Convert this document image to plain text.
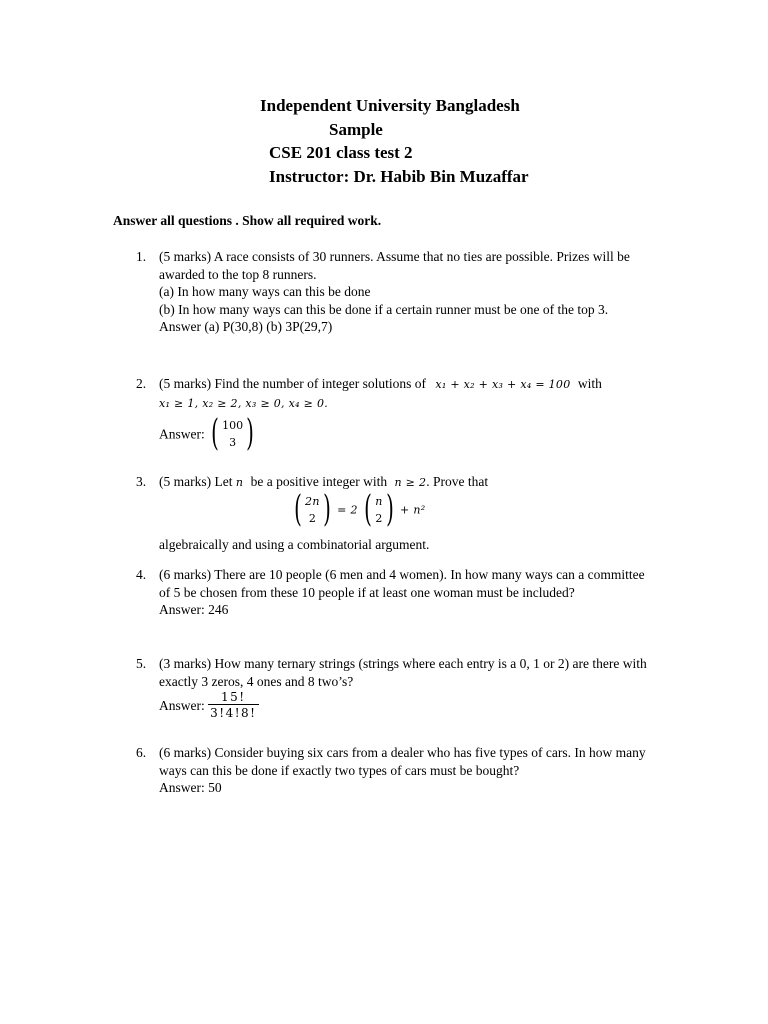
Independent University Bangladesh
Sample
CSE 201 class test 2
Instructor: Dr. Habib Bin Muzaffar
Answer all questions . Show all required work.
1. (5 marks) A race consists of 30 runners. Assume that no ties are possible. Prizes will be awarded to the top 8 runners.

(a) In how many ways can this be done

(b) In how many ways can this be done if a certain runner must be one of the top 3.

Answer (a) P(30,8) (b) 3P(29,7)

2. (5 marks) Find the number of integer solutions of x₁ + x₂ + x₃ + x₄ = 100 with

x₁ ≥ 1, x₂ ≥ 2, x₃ ≥ 0, x₄ ≥ 0.

Answer: ( 100
3 )
3. (5 marks) Let n be a positive integer with n ≥ 2. Prove that

( 2n
2 ) = 2 ( n
2 ) + n²

algebraically and using a combinatorial argument.

4. (6 marks) There are 10 people (6 men and 4 women). In how many ways can a committee of 5 be chosen from these 10 people if at least one woman must be included?

Answer: 246

5. (3 marks) How many ternary strings (strings where each entry is a 0, 1 or 2) are there with exactly 3 zeros, 4 ones and 8 two’s?

Answer: $\frac{15!}{3!4!8!}$
6. (6 marks) Consider buying six cars from a dealer who has five types of cars. In how many ways can this be done if exactly two types of cars must be bought?

Answer: 50
